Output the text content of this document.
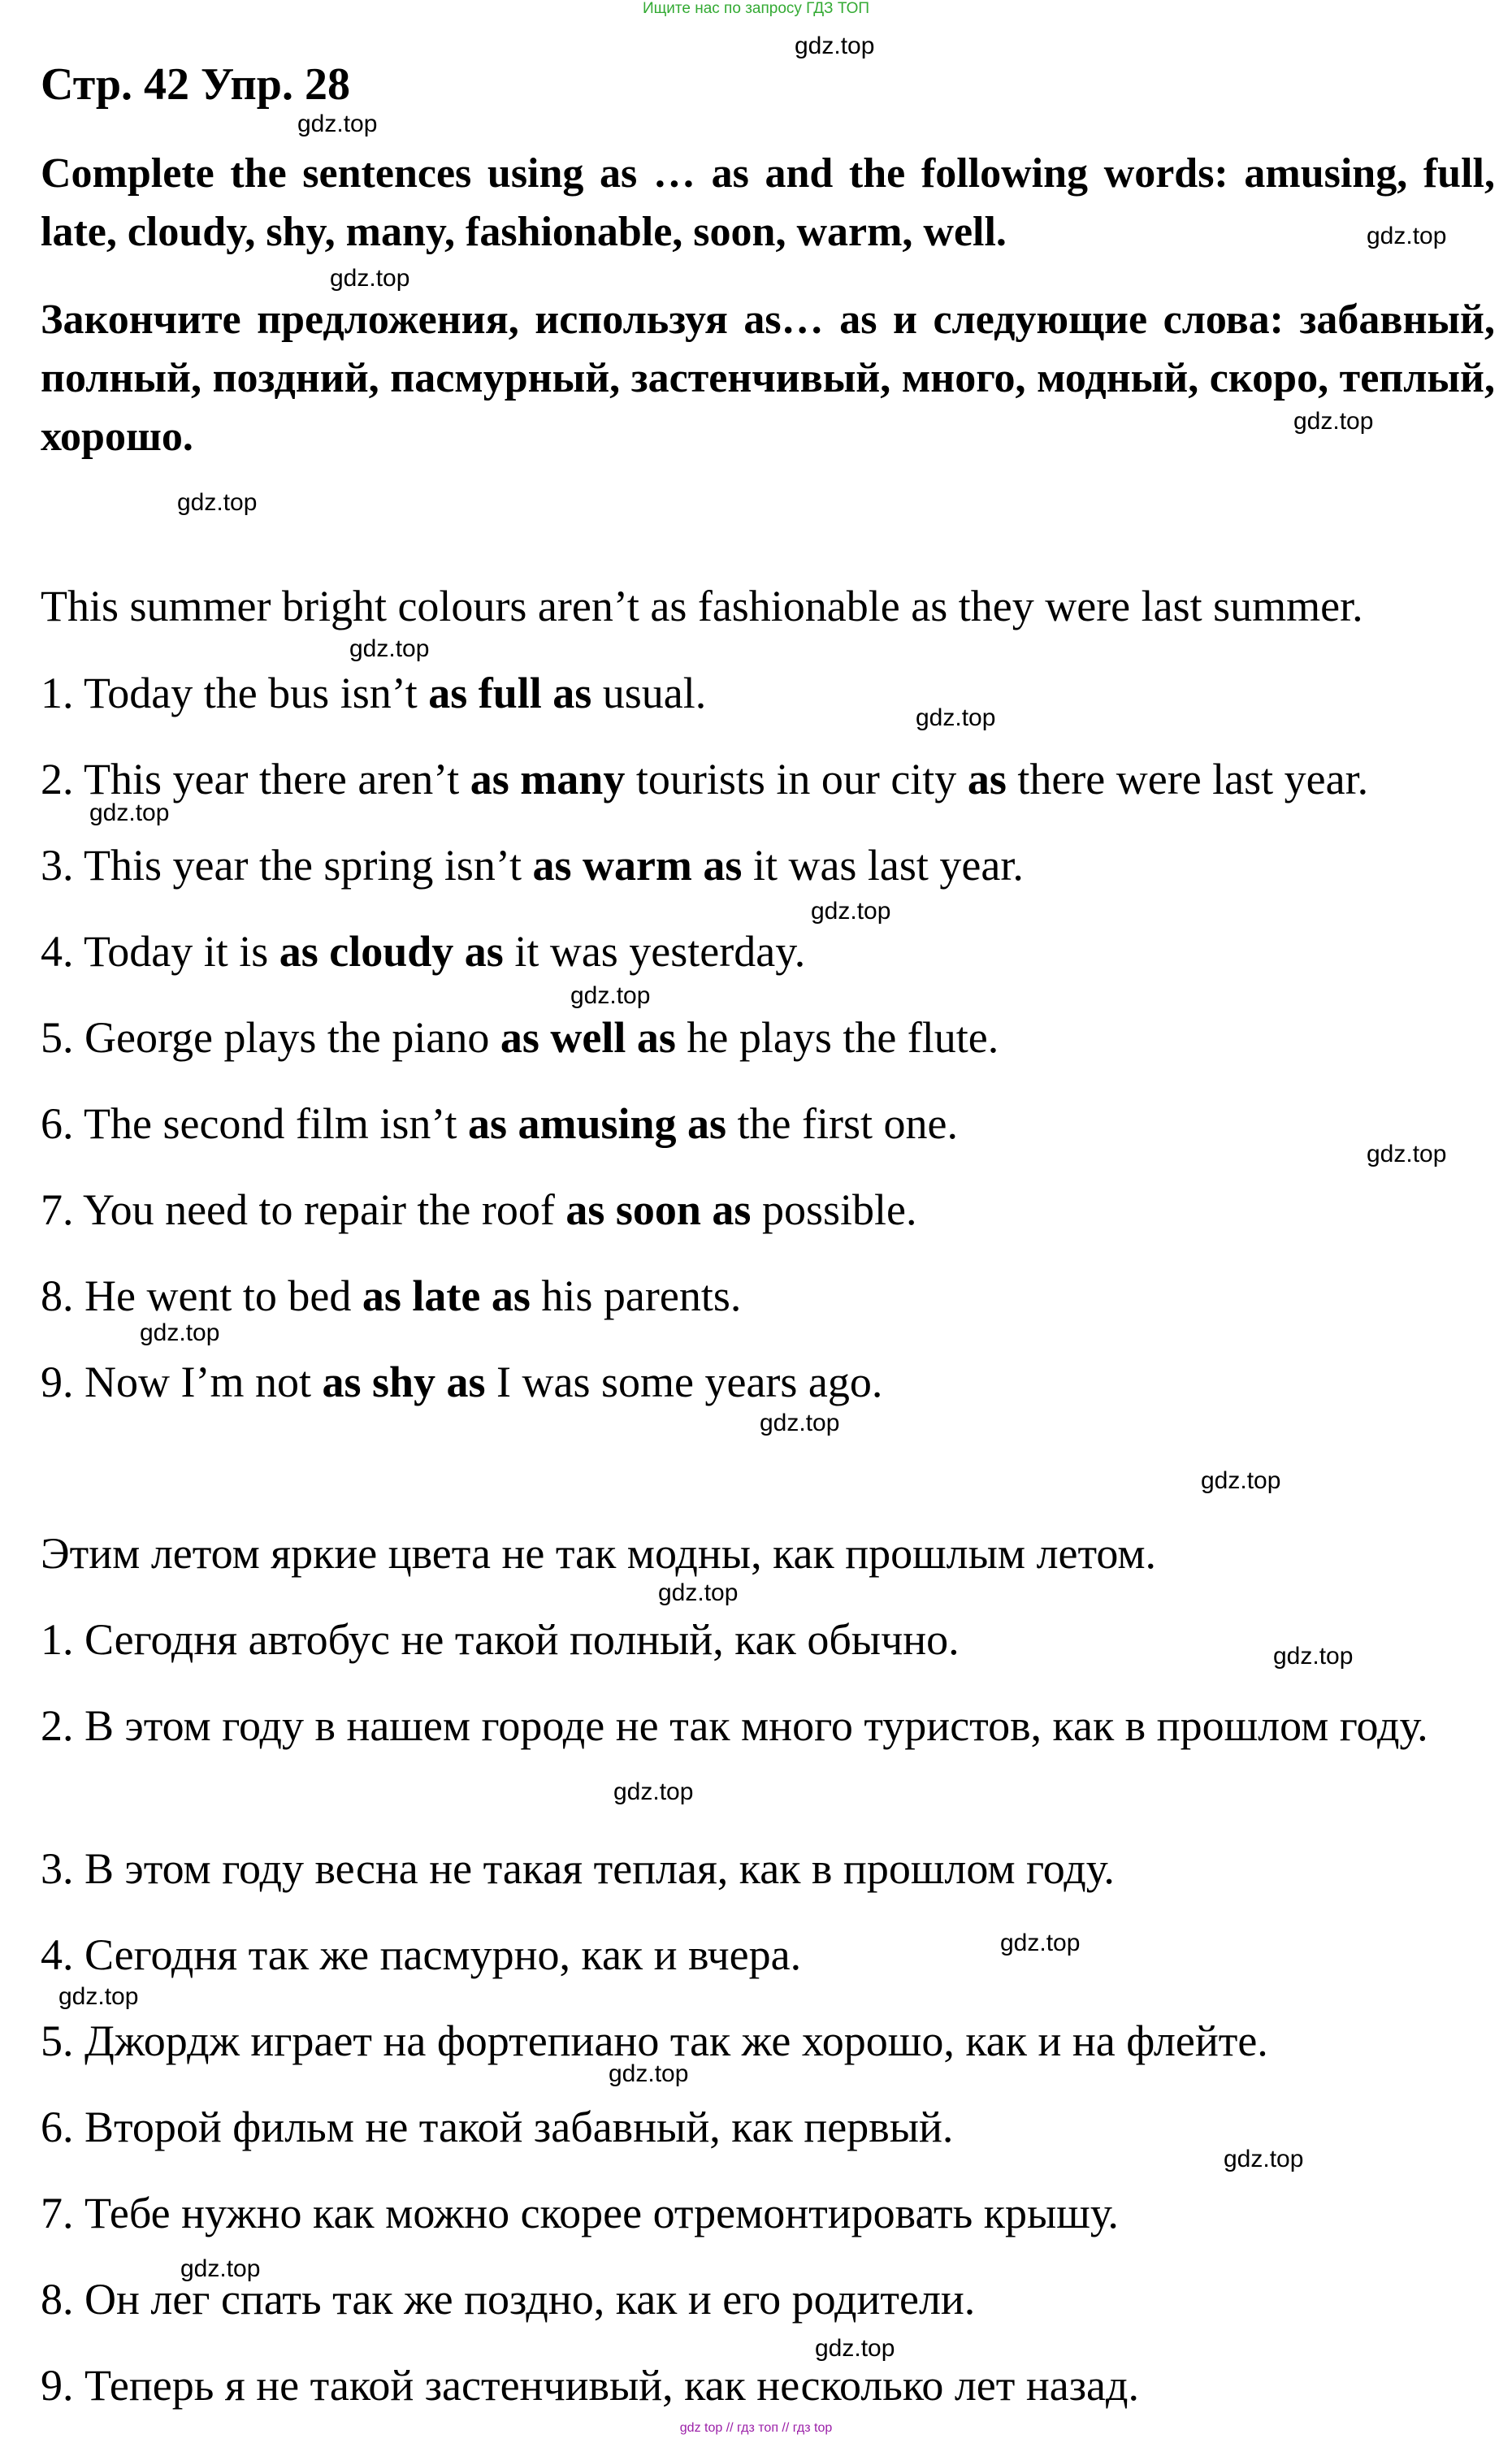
Ищите нас по запросу ГДЗ ТОП
Стр. 42 Упр. 28
Complete the sentences using as … as and the following words: amusing, full, late, cloudy, shy, many, fashionable, soon, warm, well.
Закончите предложения, используя as… as и следующие слова: забавный, полный, поздний, пасмурный, застенчивый, много, модный, скоро, теплый, хорошо.
This summer bright colours aren’t as fashionable as they were last summer.
1. Today the bus isn’t as full as usual.
2. This year there aren’t as many tourists in our city as there were last year.
3. This year the spring isn’t as warm as it was last year.
4. Today it is as cloudy as it was yesterday.
5. George plays the piano as well as he plays the flute.
6. The second film isn’t as amusing as the first one.
7. You need to repair the roof as soon as possible.
8. He went to bed as late as his parents.
9. Now I’m not as shy as I was some years ago.
Этим летом яркие цвета не так модны, как прошлым летом.
1. Сегодня автобус не такой полный, как обычно.
2. В этом году в нашем городе не так много туристов, как в прошлом году.
3. В этом году весна не такая теплая, как в прошлом году.
4. Сегодня так же пасмурно, как и вчера.
5. Джордж играет на фортепиано так же хорошо, как и на флейте.
6. Второй фильм не такой забавный, как первый.
7. Тебе нужно как можно скорее отремонтировать крышу.
8. Он лег спать так же поздно, как и его родители.
9. Теперь я не такой застенчивый, как несколько лет назад.
gdz.top
gdz.top
gdz.top
gdz.top
gdz.top
gdz.top
gdz.top
gdz.top
gdz.top
gdz.top
gdz.top
gdz.top
gdz.top
gdz.top
gdz.top
gdz.top
gdz.top
gdz.top
gdz.top
gdz.top
gdz.top
gdz.top
gdz.top
gdz.top
gdz top // гдз топ // гдз top
